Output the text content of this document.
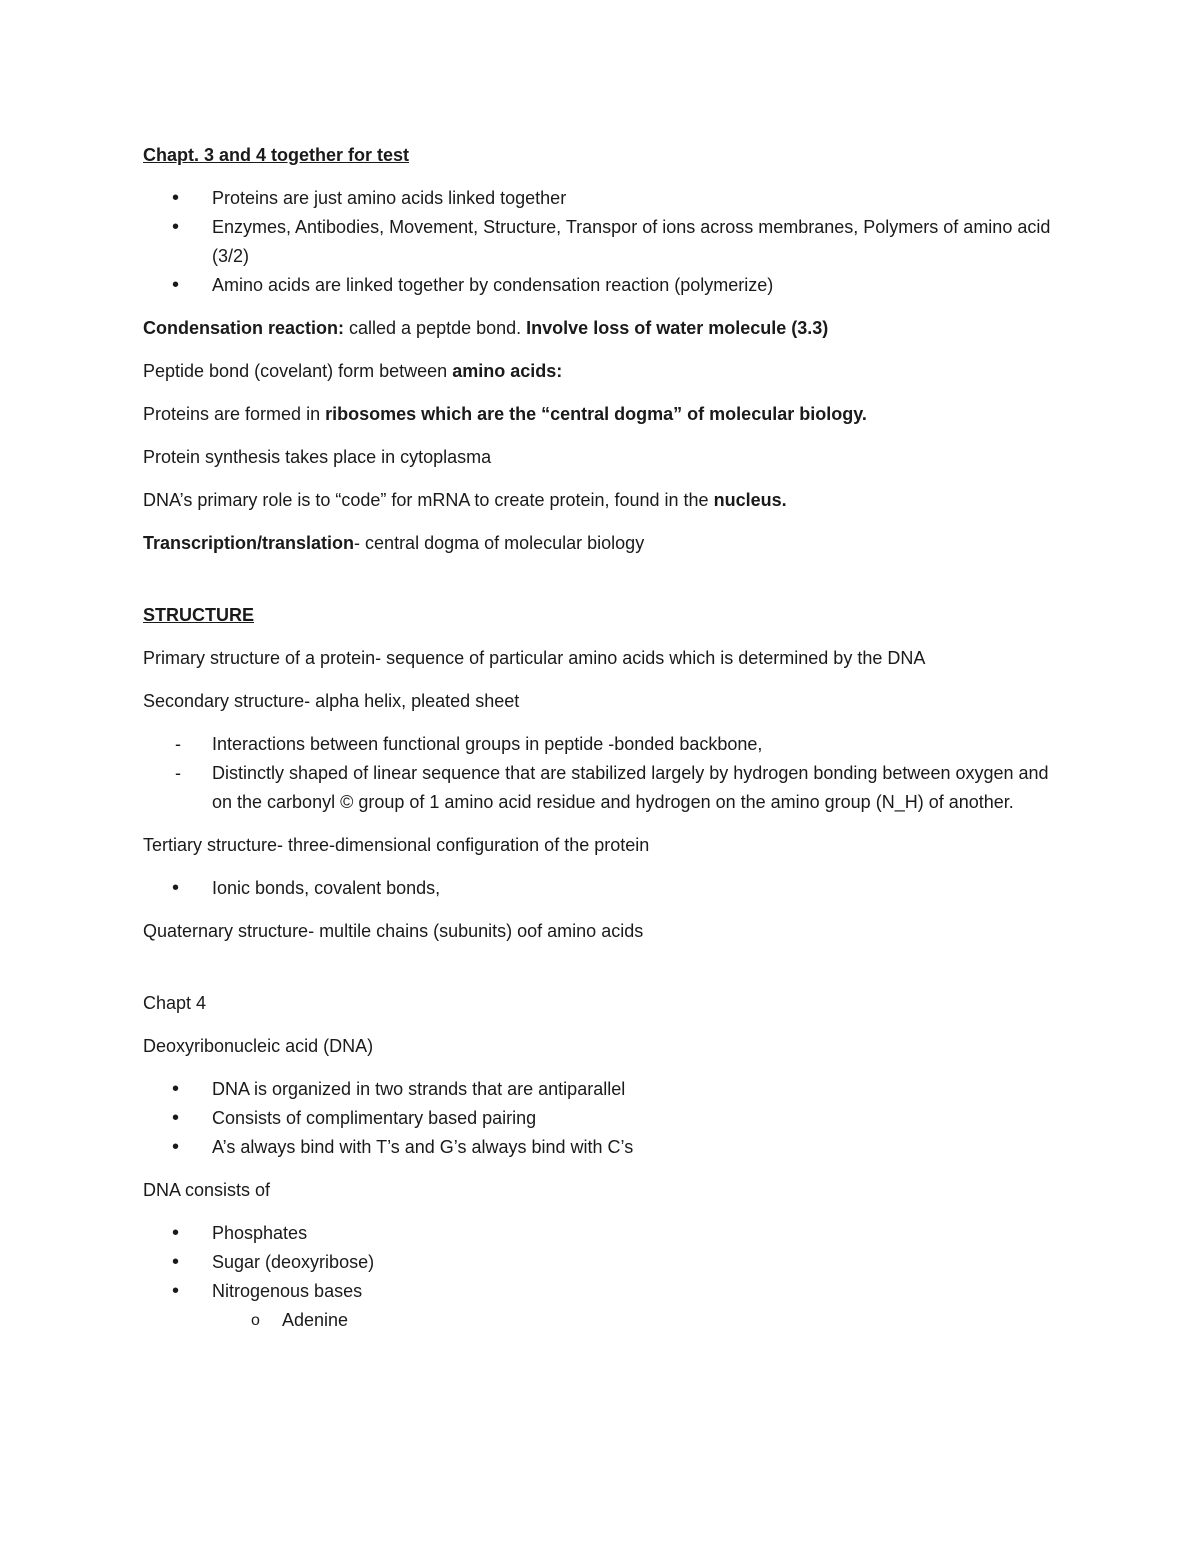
Chapt. 3 and 4 together for test

• Proteins are just amino acids linked together
• Enzymes, Antibodies, Movement, Structure, Transpor of ions across membranes, Polymers of amino acid (3/2)
• Amino acids are linked together by condensation reaction (polymerize)

Condensation reaction: called a peptde bond. Involve loss of water molecule (3.3)

Peptide bond (covelant) form between amino acids:

Proteins are formed in ribosomes which are the “central dogma” of molecular biology.

Protein synthesis takes place in cytoplasma

DNA’s primary role is to “code” for mRNA to create protein, found in the nucleus.

Transcription/translation- central dogma of molecular biology

STRUCTURE

Primary structure of a protein- sequence of particular amino acids which is determined by the DNA

Secondary structure- alpha helix, pleated sheet

- Interactions between functional groups in peptide -bonded backbone,
- Distinctly shaped of linear sequence that are stabilized largely by hydrogen bonding between oxygen and on the carbonyl © group of 1 amino acid residue and hydrogen on the amino group (N_H) of another.

Tertiary structure- three-dimensional configuration of the protein

• Ionic bonds, covalent bonds,

Quaternary structure- multile chains (subunits) oof amino acids

Chapt 4

Deoxyribonucleic acid (DNA)

• DNA is organized in two strands that are antiparallel
• Consists of complimentary based pairing
• A’s always bind with T’s and G’s always bind with C’s

DNA consists of

• Phosphates
• Sugar (deoxyribose)
• Nitrogenous bases
o Adenine
